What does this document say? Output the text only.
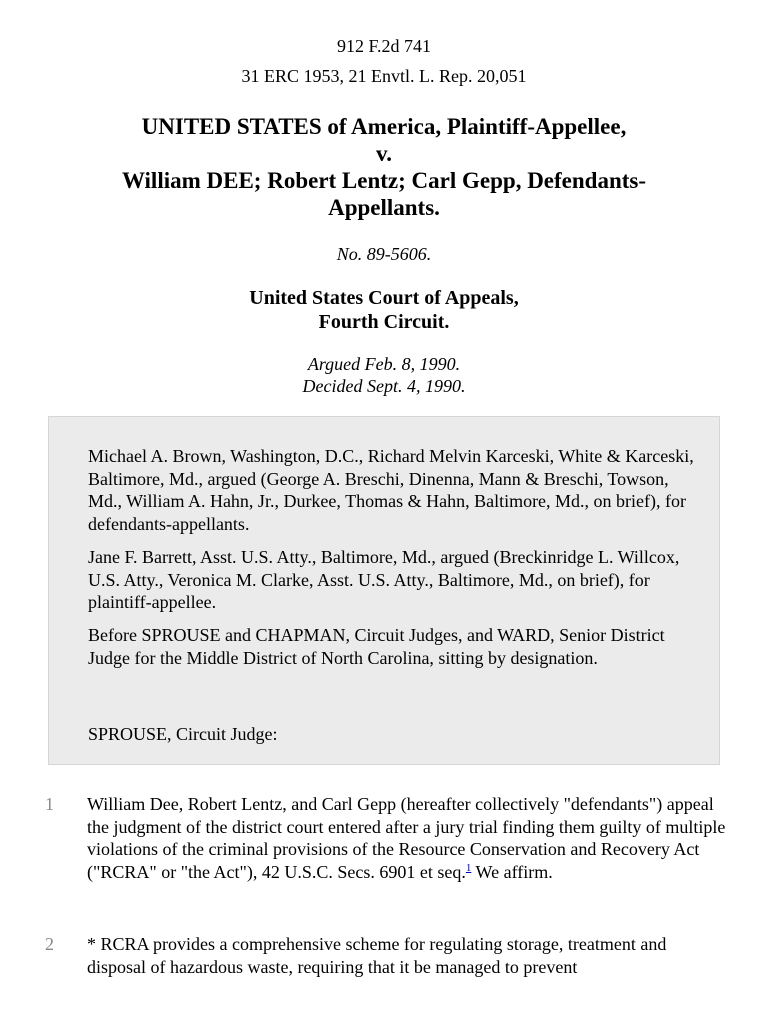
912 F.2d 741
31 ERC 1953, 21 Envtl. L. Rep. 20,051
UNITED STATES of America, Plaintiff-Appellee,
v.
William DEE; Robert Lentz; Carl Gepp, Defendants-
Appellants.
No. 89-5606.
United States Court of Appeals,
Fourth Circuit.
Argued Feb. 8, 1990.
Decided Sept. 4, 1990.

Michael A. Brown, Washington, D.C., Richard Melvin Karceski, White & Karceski, Baltimore, Md., argued (George A. Breschi, Dinenna, Mann & Breschi, Towson, Md., William A. Hahn, Jr., Durkee, Thomas & Hahn, Baltimore, Md., on brief), for defendants-appellants.

Jane F. Barrett, Asst. U.S. Atty., Baltimore, Md., argued (Breckinridge L. Willcox, U.S. Atty., Veronica M. Clarke, Asst. U.S. Atty., Baltimore, Md., on brief), for plaintiff-appellee.

Before SPROUSE and CHAPMAN, Circuit Judges, and WARD, Senior District Judge for the Middle District of North Carolina, sitting by designation.

SPROUSE, Circuit Judge:

1 William Dee, Robert Lentz, and Carl Gepp (hereafter collectively "defendants") appeal the judgment of the district court entered after a jury trial finding them guilty of multiple violations of the criminal provisions of the Resource Conservation and Recovery Act ("RCRA" or "the Act"), 42 U.S.C. Secs. 6901 et seq.$^1$ We affirm.
2 * RCRA provides a comprehensive scheme for regulating storage, treatment and disposal of hazardous waste, requiring that it be managed to prevent
